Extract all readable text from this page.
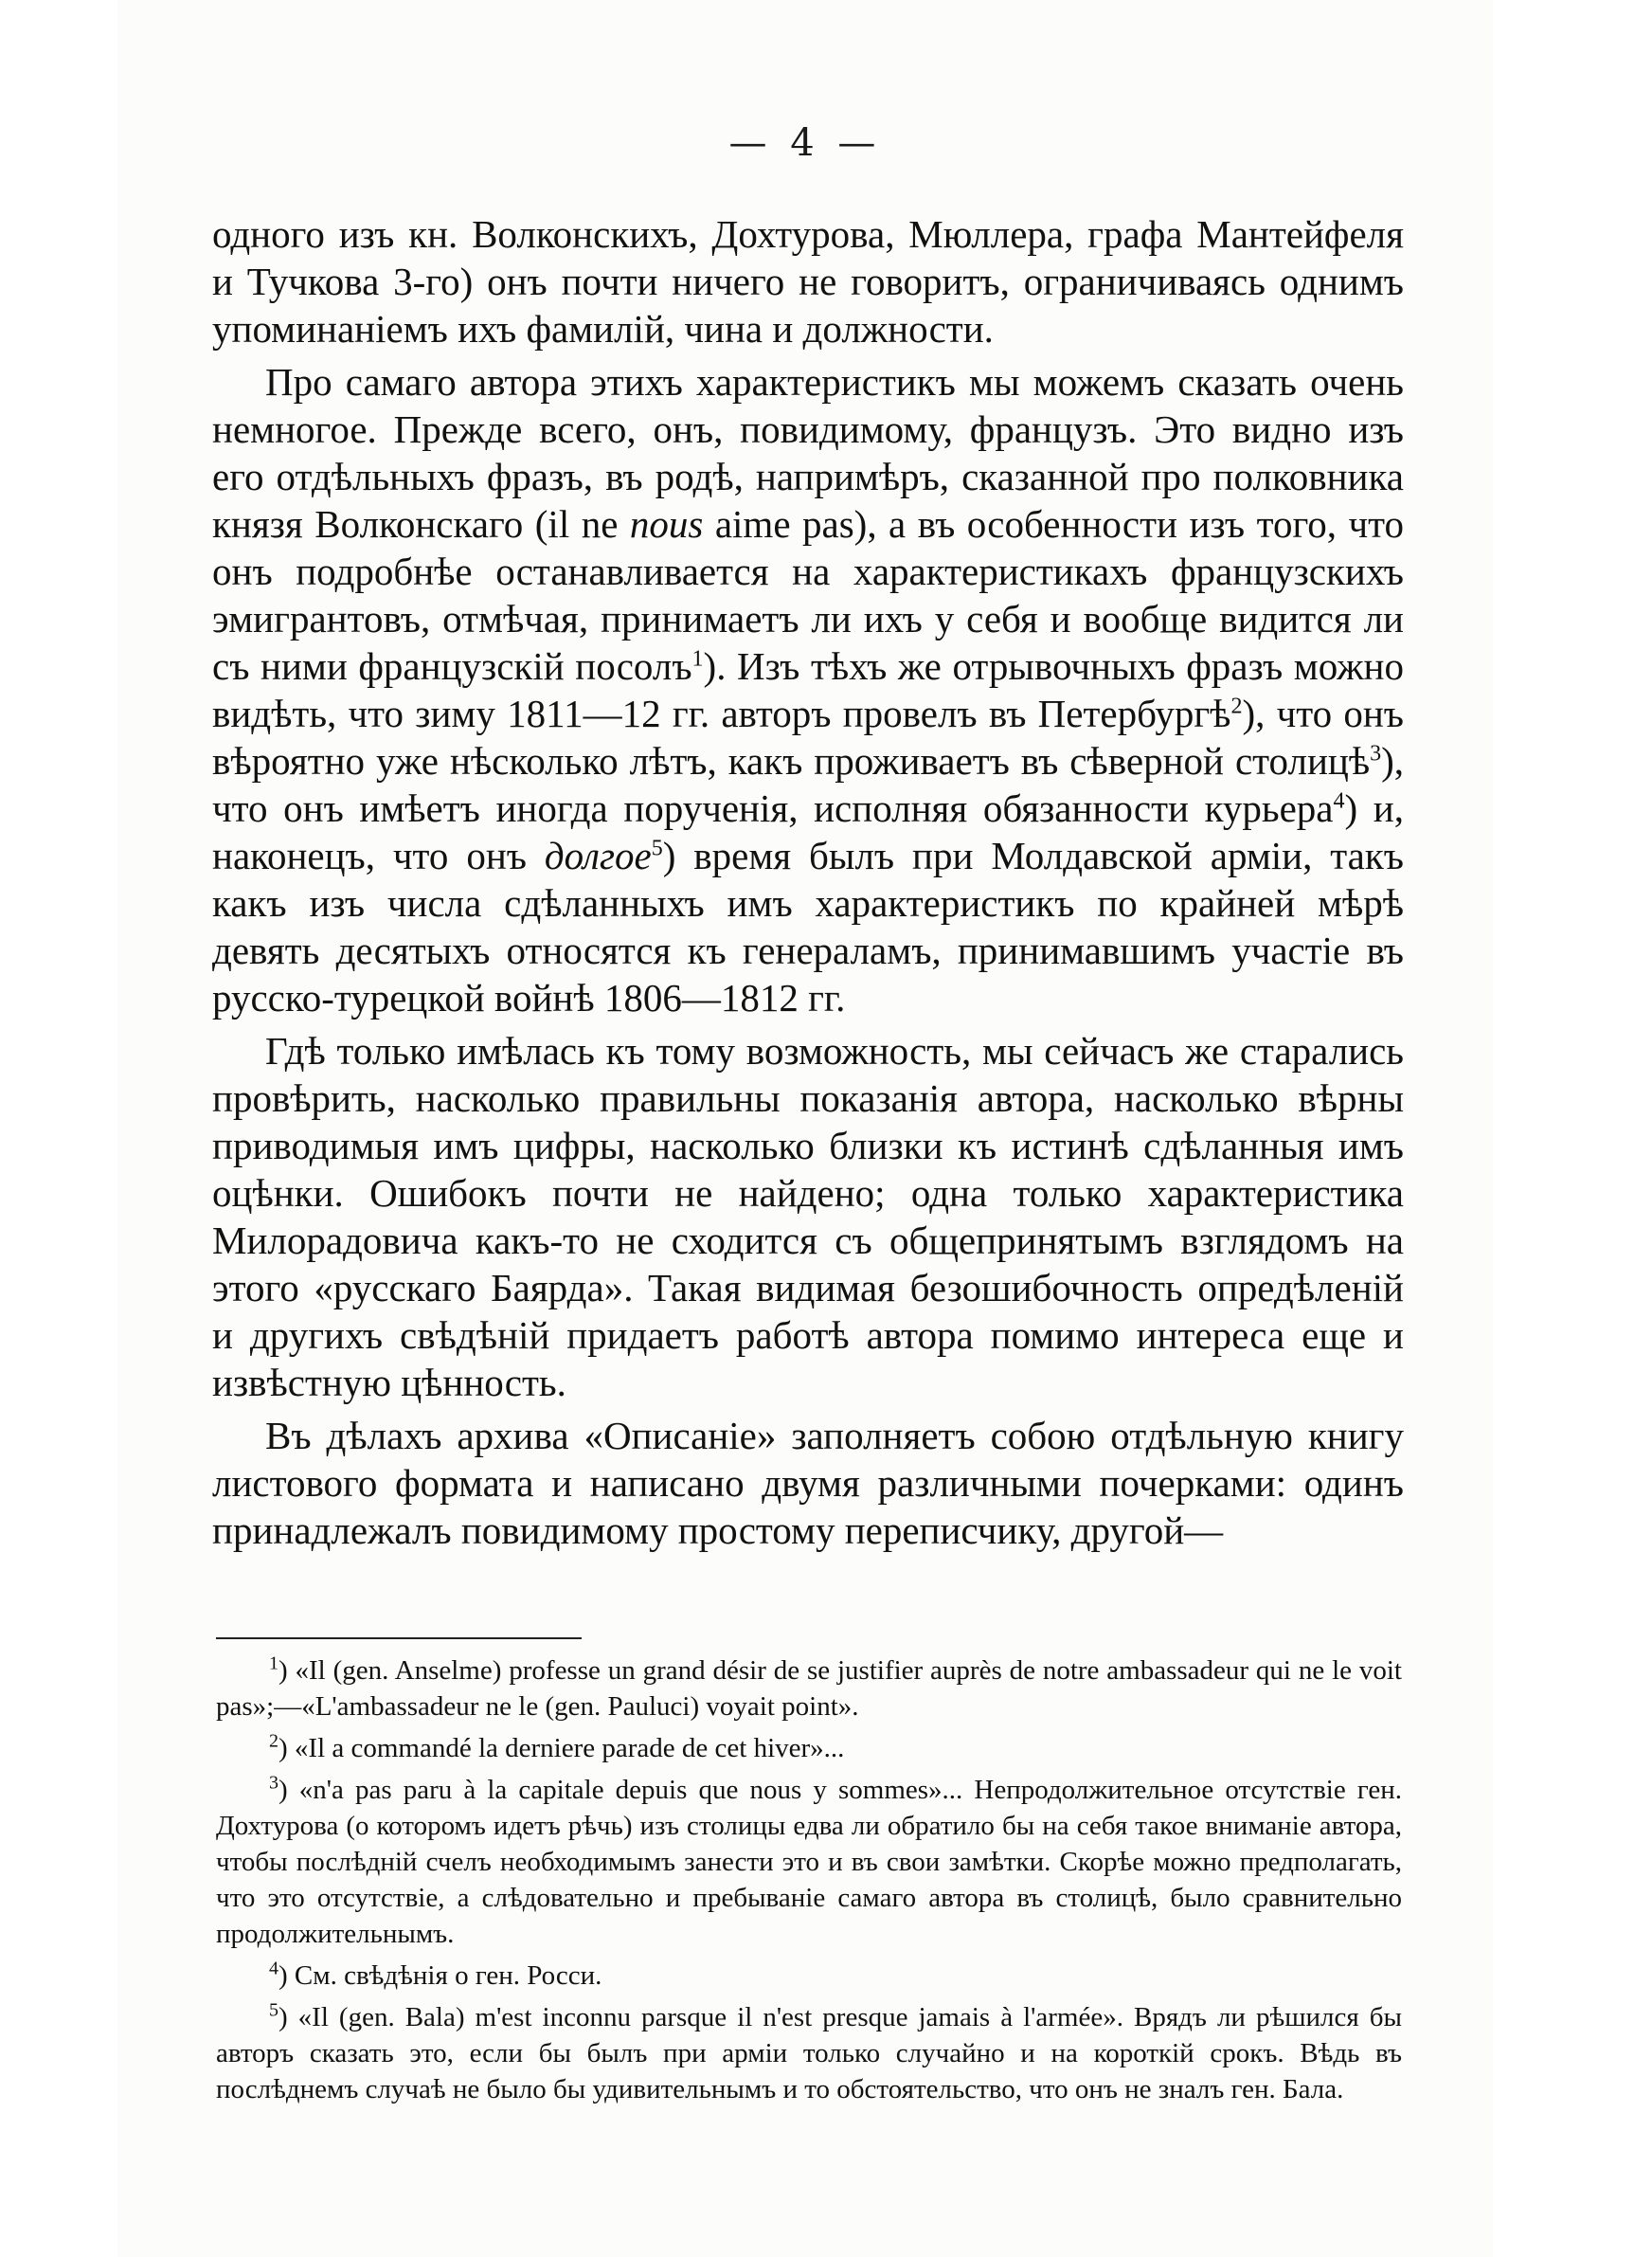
— 4 —

одного изъ кн. Волконскихъ, Дохтурова, Мюллера, графа Мантейфеля и Тучкова 3-го) онъ почти ничего не говоритъ, ограничиваясь однимъ упоминаніемъ ихъ фамилій, чина и должности.

Про самаго автора этихъ характеристикъ мы можемъ сказать очень немногое. Прежде всего, онъ, повидимому, французъ. Это видно изъ его отдѣльныхъ фразъ, въ родѣ, напримѣръ, сказанной про полковника князя Волконскаго (il ne nous aime pas), а въ особенности изъ того, что онъ подробнѣе останавливается на характеристикахъ французскихъ эмигрантовъ, отмѣчая, принимаетъ ли ихъ у себя и вообще видится ли съ ними французскій посолъ$^1$). Изъ тѣхъ же отрывочныхъ фразъ можно видѣть, что зиму 1811—12 гг. авторъ провелъ въ Петербургѣ$^2$), что онъ вѣроятно уже нѣсколько лѣтъ, какъ проживаетъ въ сѣверной столицѣ$^3$), что онъ имѣетъ иногда порученія, исполняя обязанности курьера$^4$) и, наконецъ, что онъ долгое$^5$) время былъ при Молдавской арміи, такъ какъ изъ числа сдѣланныхъ имъ характеристикъ по крайней мѣрѣ девять десятыхъ относятся къ генераламъ, принимавшимъ участіе въ русско-турецкой войнѣ 1806—1812 гг.

Гдѣ только имѣлась къ тому возможность, мы сейчасъ же старались провѣрить, насколько правильны показанія автора, насколько вѣрны приводимыя имъ цифры, насколько близки къ истинѣ сдѣланныя имъ оцѣнки. Ошибокъ почти не найдено; одна только характеристика Милорадовича какъ-то не сходится съ общепринятымъ взглядомъ на этого «русскаго Баярда». Такая видимая безошибочность опредѣленій и другихъ свѣдѣній придаетъ работѣ автора помимо интереса еще и извѣстную цѣнность.

Въ дѣлахъ архива «Описаніе» заполняетъ собою отдѣльную книгу листового формата и написано двумя различными почерками: одинъ принадлежалъ повидимому простому переписчику, другой—

$^1$) «Il (gen. Anselme) professe un grand désir de se justifier auprès de notre ambassadeur qui ne le voit pas»;—«L'ambassadeur ne le (gen. Pauluci) voyait point».

$^2$) «Il a commandé la derniere parade de cet hiver»...

$^3$) «n'a pas paru à la capitale depuis que nous y sommes»... Непродолжительное отсутствіе ген. Дохтурова (о которомъ идетъ рѣчь) изъ столицы едва ли обратило бы на себя такое вниманіе автора, чтобы послѣдній счелъ необходимымъ занести это и въ свои замѣтки. Скорѣе можно предполагать, что это отсутствіе, а слѣдовательно и пребываніе самаго автора въ столицѣ, было сравнительно продолжительнымъ.

$^4$) См. свѣдѣнія о ген. Росси.

$^5$) «Il (gen. Bala) m'est inconnu parsque il n'est presque jamais à l'armée». Врядъ ли рѣшился бы авторъ сказать это, если бы былъ при арміи только случайно и на короткій срокъ. Вѣдь въ послѣднемъ случаѣ не было бы удивительнымъ и то обстоятельство, что онъ не зналъ ген. Бала.
